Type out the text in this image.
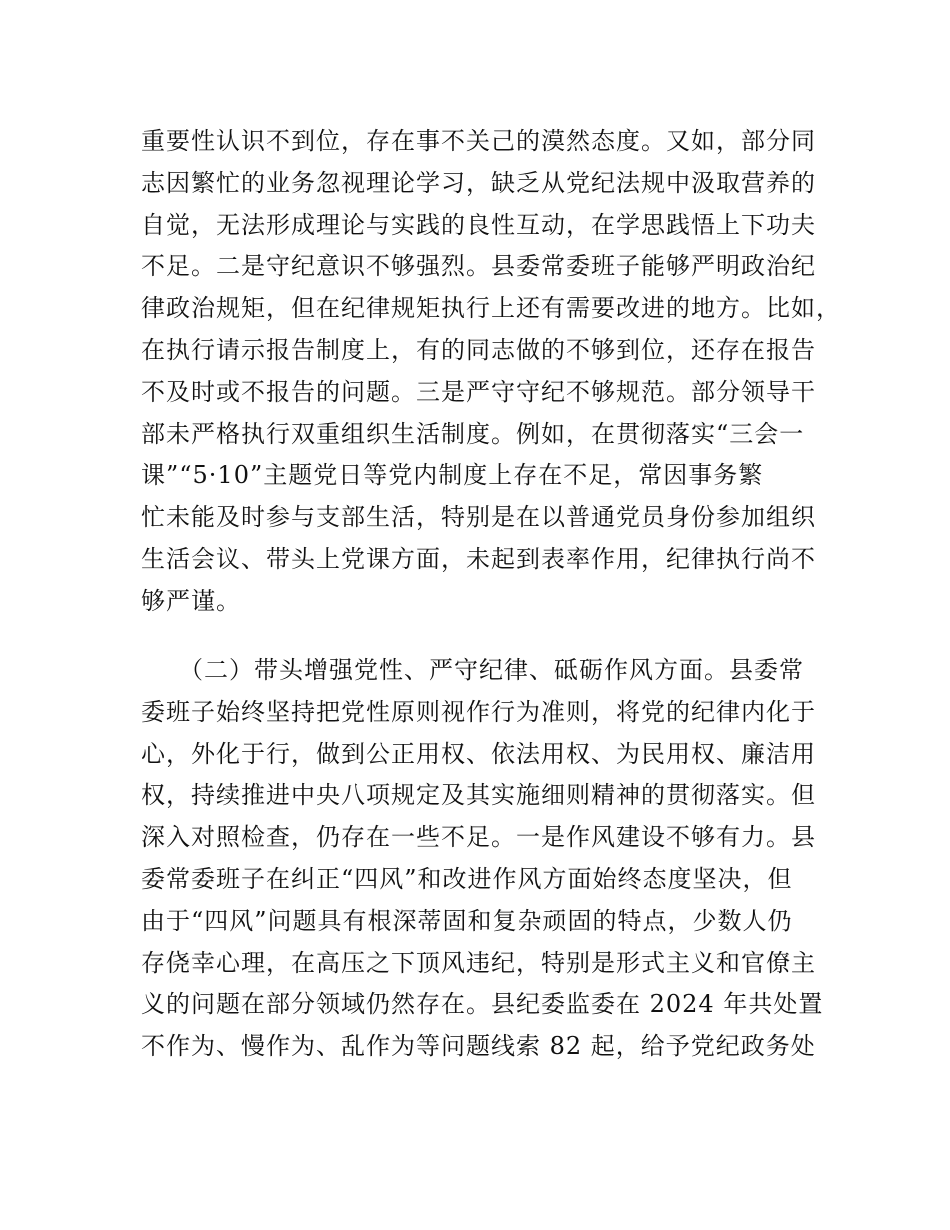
重要性认识不到位，存在事不关己的漠然态度。又如，部分同
志因繁忙的业务忽视理论学习，缺乏从党纪法规中汲取营养的
自觉，无法形成理论与实践的良性互动，在学思践悟上下功夫
不足。二是守纪意识不够强烈。县委常委班子能够严明政治纪
律政治规矩，但在纪律规矩执行上还有需要改进的地方。比如，
在执行请示报告制度上，有的同志做的不够到位，还存在报告
不及时或不报告的问题。三是严守守纪不够规范。部分领导干
部未严格执行双重组织生活制度。例如，在贯彻落实“三会一
课”“5·10”主题党日等党内制度上存在不足，常因事务繁
忙未能及时参与支部生活，特别是在以普通党员身份参加组织
生活会议、带头上党课方面，未起到表率作用，纪律执行尚不
够严谨。

（二）带头增强党性、严守纪律、砥砺作风方面。县委常
委班子始终坚持把党性原则视作行为准则，将党的纪律内化于
心，外化于行，做到公正用权、依法用权、为民用权、廉洁用
权，持续推进中央八项规定及其实施细则精神的贯彻落实。但
深入对照检查，仍存在一些不足。一是作风建设不够有力。县
委常委班子在纠正“四风”和改进作风方面始终态度坚决，但
由于“四风”问题具有根深蒂固和复杂顽固的特点，少数人仍
存侥幸心理，在高压之下顶风违纪，特别是形式主义和官僚主
义的问题在部分领域仍然存在。县纪委监委在 2024 年共处置
不作为、慢作为、乱作为等问题线索 82 起，给予党纪政务处
